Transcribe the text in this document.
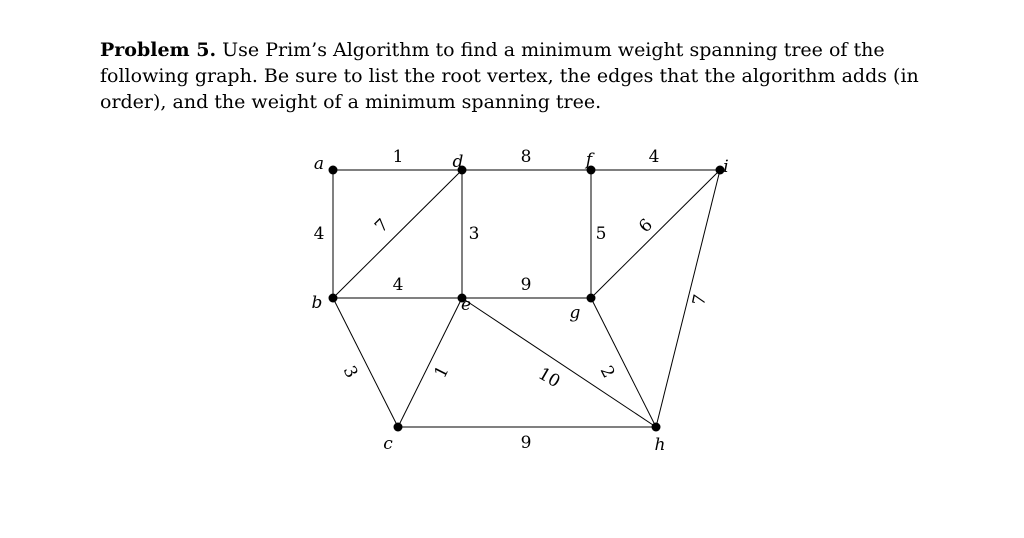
Problem 5. Use Prim’s Algorithm to find a minimum weight spanning tree of the following graph. Be sure to list the root vertex, the edges that the algorithm adds (in order), and the weight of a minimum spanning tree.
1	8	4
4	7	3	5 6
4	9
7
3	1	10 2
9
a
b
c
d
e
f
g
h
i
